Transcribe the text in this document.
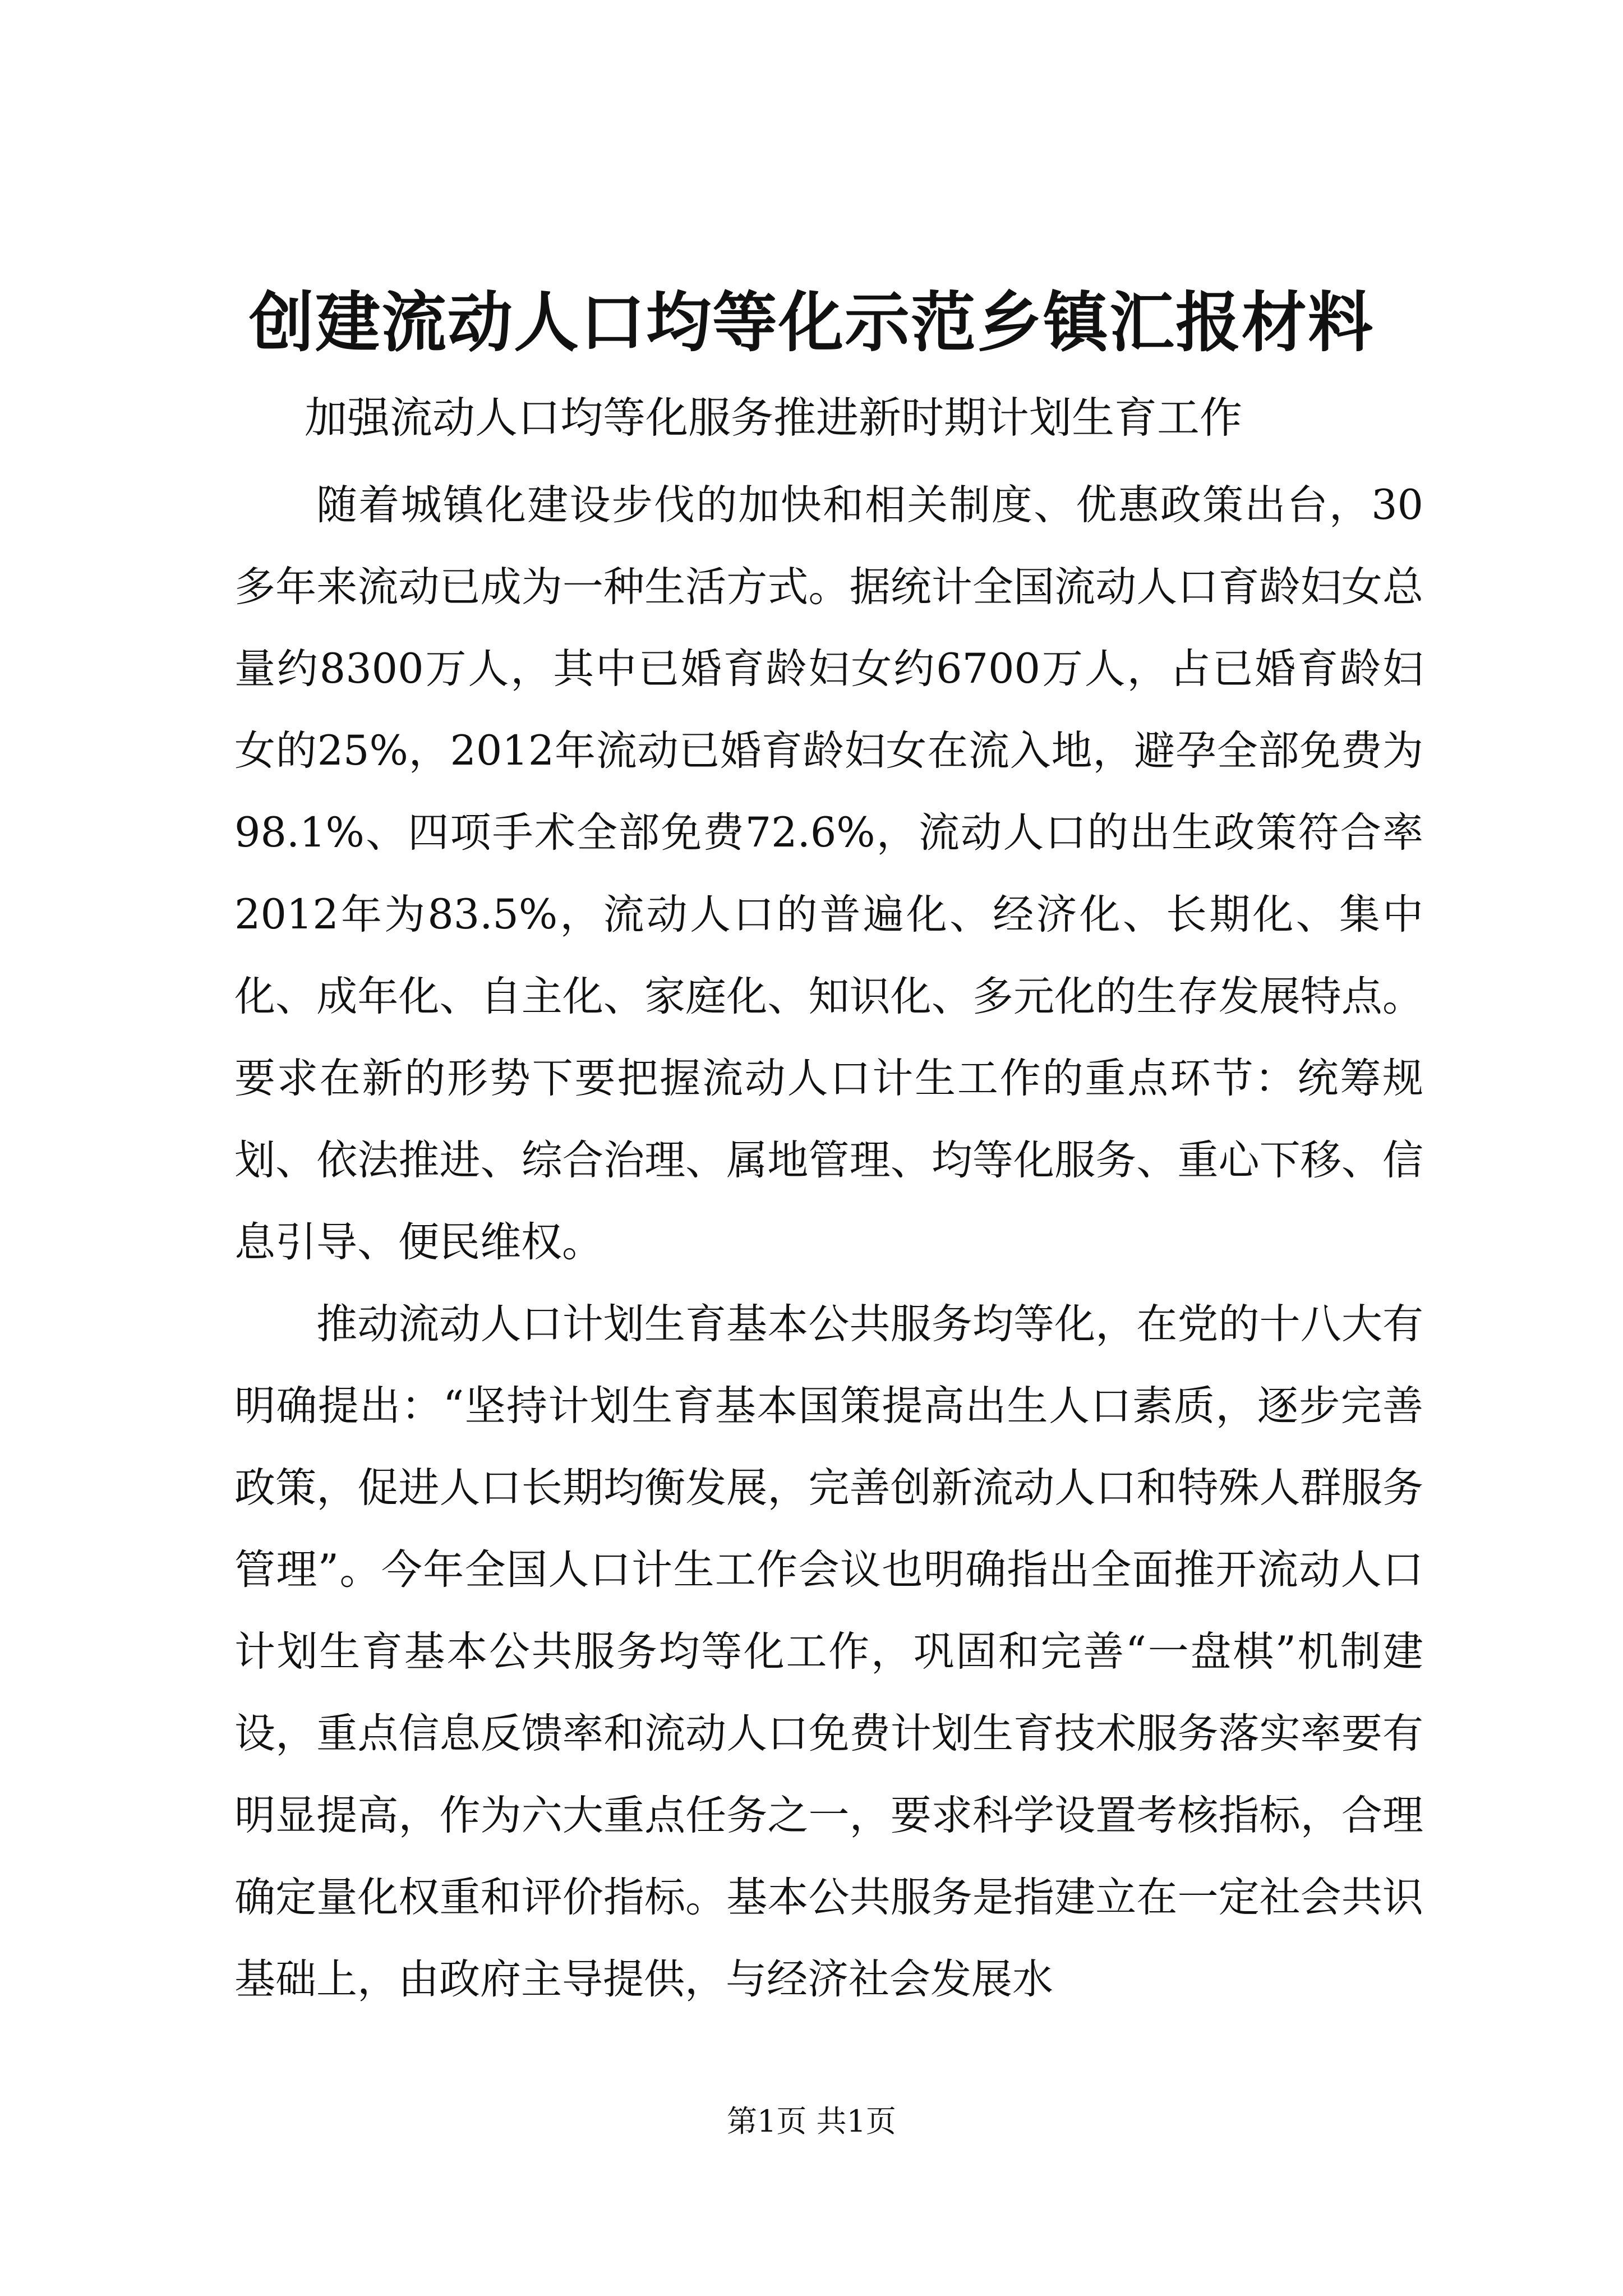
创建流动人口均等化示范乡镇汇报材料
加强流动人口均等化服务推进新时期计划生育工作

随着城镇化建设步伐的加快和相关制度、优惠政策出台，30多年来流动已成为一种生活方式。据统计全国流动人口育龄妇女总量约8300万人，其中已婚育龄妇女约6700万人，占已婚育龄妇女的25%，2012年流动已婚育龄妇女在流入地，避孕全部免费为98.1%、四项手术全部免费72.6%，流动人口的出生政策符合率2012年为83.5%，流动人口的普遍化、经济化、长期化、集中化、成年化、自主化、家庭化、知识化、多元化的生存发展特点。要求在新的形势下要把握流动人口计生工作的重点环节：统筹规划、依法推进、综合治理、属地管理、均等化服务、重心下移、信息引导、便民维权。

推动流动人口计划生育基本公共服务均等化，在党的十八大有明确提出：“坚持计划生育基本国策提高出生人口素质，逐步完善政策，促进人口长期均衡发展，完善创新流动人口和特殊人群服务管理”。今年全国人口计生工作会议也明确指出全面推开流动人口计划生育基本公共服务均等化工作，巩固和完善“一盘棋”机制建设，重点信息反馈率和流动人口免费计划生育技术服务落实率要有明显提高，作为六大重点任务之一，要求科学设置考核指标，合理确定量化权重和评价指标。基本公共服务是指建立在一定社会共识基础上，由政府主导提供，与经济社会发展水

第1页 共1页
